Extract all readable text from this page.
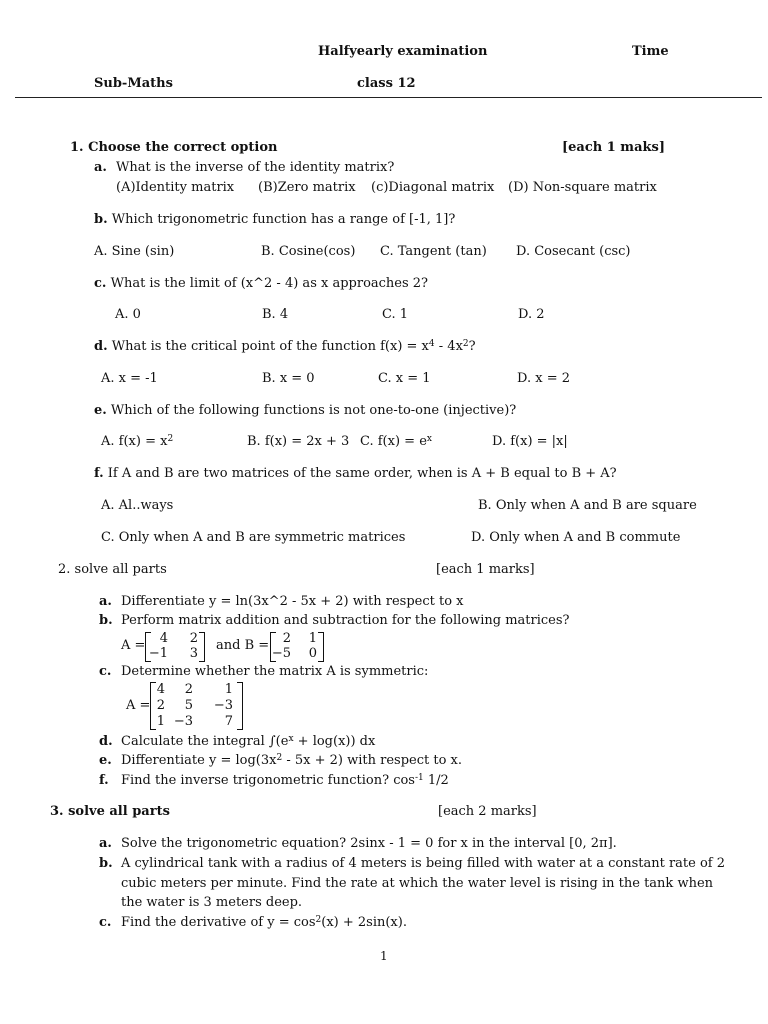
Halfyearly examination	Time
Sub-Maths	class 12
1. Choose the correct option	[each 1 maks]
a. What is the inverse of the identity matrix?
(A)Identity matrix (B)Zero matrix (c)Diagonal matrix (D) Non-square matrix
b. Which trigonometric function has a range of [-1, 1]?
A. Sine (sin)	B. Cosine(cos) C. Tangent (tan) D. Cosecant (csc)
c. What is the limit of (x^2 - 4) as x approaches 2?
A. 0	B. 4	C. 1	D. 2
d. What is the critical point of the function $f(x) = x^4 - 4x^2$?
A. x = -1	B. x = 0	C. x = 1	D. x = 2
e. Which of the following functions is not one-to-one (injective)?
A. $f(x) = x^2$	B. f(x) = 2x + 3 C. $f(x) = e^x$	D. f(x) = |x|
f. If A and B are two matrices of the same order, when is A + B equal to B + A?
A. Al..ways	B. Only when A and B are square
C. Only when A and B are symmetric matrices	D. Only when A and B commute
2. solve all parts	[each 1 marks]
a. Differentiate y = ln(3x^2 - 5x + 2) with respect to x
b. Perform matrix addition and subtraction for the following matrices?
A =	4	2
−1	3
and B =	2	1
−5	0
c. Determine whether the matrix A is symmetric:
A =
4	2	1
2	5 −3
1 −3	7
d. Calculate the integral $\int(e^x + \log(x))$ dx
e. Differentiate $y = \log(3x^2 - 5x + 2)$ with respect to x.
f. Find the inverse trigonometric function? $\cos^{-1} 1/2$
3. solve all parts	[each 2 marks]
a. Solve the trigonometric equation? 2sinx - 1 = 0 for x in the interval [0, 2π].
b. A cylindrical tank with a radius of 4 meters is being filled with water at a constant rate of 2
cubic meters per minute. Find the rate at which the water level is rising in the tank when
the water is 3 meters deep.
c. Find the derivative of $y = \cos^2(x) + 2\sin(x)$.
1
